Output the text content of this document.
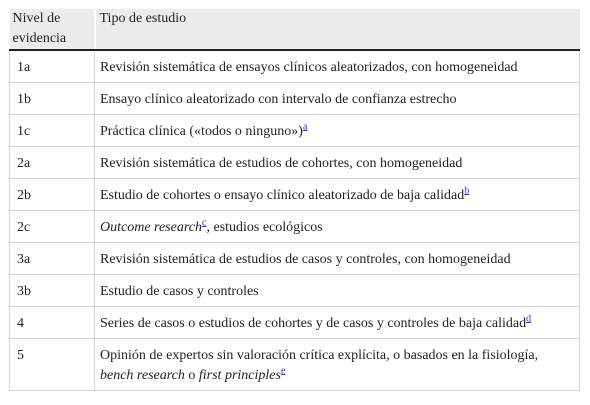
Nivel de
evidencia	Tipo de estudio
1a	Revisión sistemática de ensayos clínicos aleatorizados, con homogeneidad
1b	Ensayo clínico aleatorizado con intervalo de confianza estrecho
1c	Práctica clínica («todos o ninguno»)$^a$
2a	Revisión sistemática de estudios de cohortes, con homogeneidad
2b	Estudio de cohortes o ensayo clínico aleatorizado de baja calidad$^b$
2c	Outcome research$^c$, estudios ecológicos
3a	Revisión sistemática de estudios de casos y controles, con homogeneidad
3b	Estudio de casos y controles
4	Series de casos o estudios de cohortes y de casos y controles de baja calidad$^d$
5	Opinión de expertos sin valoración crítica explícita, o basados en la fisiología, bench research o first principles$^e$
